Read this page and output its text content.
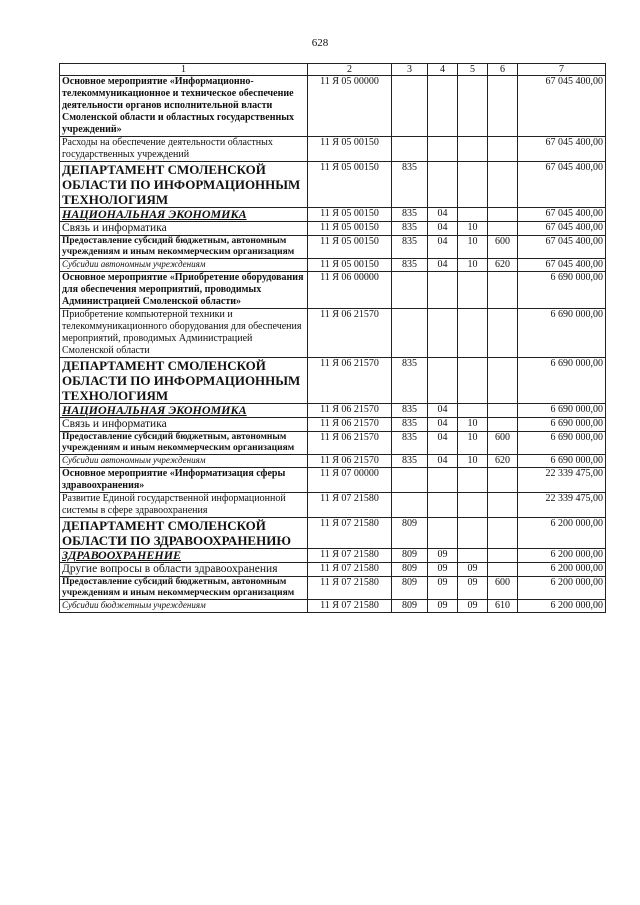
628
1	2	3	4	5	6	7
Основное мероприятие «Информационно-телекоммуникационное и техническое обеспечение деятельности органов исполнительной власти Смоленской области и областных государственных учреждений»	11 Я 05 00000					67 045 400,00
Расходы на обеспечение деятельности областных государственных учреждений	11 Я 05 00150					67 045 400,00
ДЕПАРТАМЕНТ СМОЛЕНСКОЙ ОБЛАСТИ ПО ИНФОРМАЦИОННЫМ ТЕХНОЛОГИЯМ	11 Я 05 00150	835				67 045 400,00
НАЦИОНАЛЬНАЯ ЭКОНОМИКА	11 Я 05 00150	835	04			67 045 400,00
Связь и информатика	11 Я 05 00150	835	04	10		67 045 400,00
Предоставление субсидий бюджетным, автономным учреждениям и иным некоммерческим организациям	11 Я 05 00150	835	04	10	600	67 045 400,00
Субсидии автономным учреждениям	11 Я 05 00150	835	04	10	620	67 045 400,00
Основное мероприятие «Приобретение оборудования для обеспечения мероприятий, проводимых Администрацией Смоленской области»	11 Я 06 00000					6 690 000,00
Приобретение компьютерной техники и телекоммуникационного оборудования для обеспечения мероприятий, проводимых Администрацией Смоленской области	11 Я 06 21570					6 690 000,00
ДЕПАРТАМЕНТ СМОЛЕНСКОЙ ОБЛАСТИ ПО ИНФОРМАЦИОННЫМ ТЕХНОЛОГИЯМ	11 Я 06 21570	835				6 690 000,00
НАЦИОНАЛЬНАЯ ЭКОНОМИКА	11 Я 06 21570	835	04			6 690 000,00
Связь и информатика	11 Я 06 21570	835	04	10		6 690 000,00
Предоставление субсидий бюджетным, автономным учреждениям и иным некоммерческим организациям	11 Я 06 21570	835	04	10	600	6 690 000,00
Субсидии автономным учреждениям	11 Я 06 21570	835	04	10	620	6 690 000,00
Основное мероприятие «Информатизация сферы здравоохранения»	11 Я 07 00000					22 339 475,00
Развитие Единой государственной информационной системы в сфере здравоохранения	11 Я 07 21580					22 339 475,00
ДЕПАРТАМЕНТ СМОЛЕНСКОЙ ОБЛАСТИ ПО ЗДРАВООХРАНЕНИЮ	11 Я 07 21580	809				6 200 000,00
ЗДРАВООХРАНЕНИЕ	11 Я 07 21580	809	09			6 200 000,00
Другие вопросы в области здравоохранения	11 Я 07 21580	809	09	09		6 200 000,00
Предоставление субсидий бюджетным, автономным учреждениям и иным некоммерческим организациям	11 Я 07 21580	809	09	09	600	6 200 000,00
Субсидии бюджетным учреждениям	11 Я 07 21580	809	09	09	610	6 200 000,00
